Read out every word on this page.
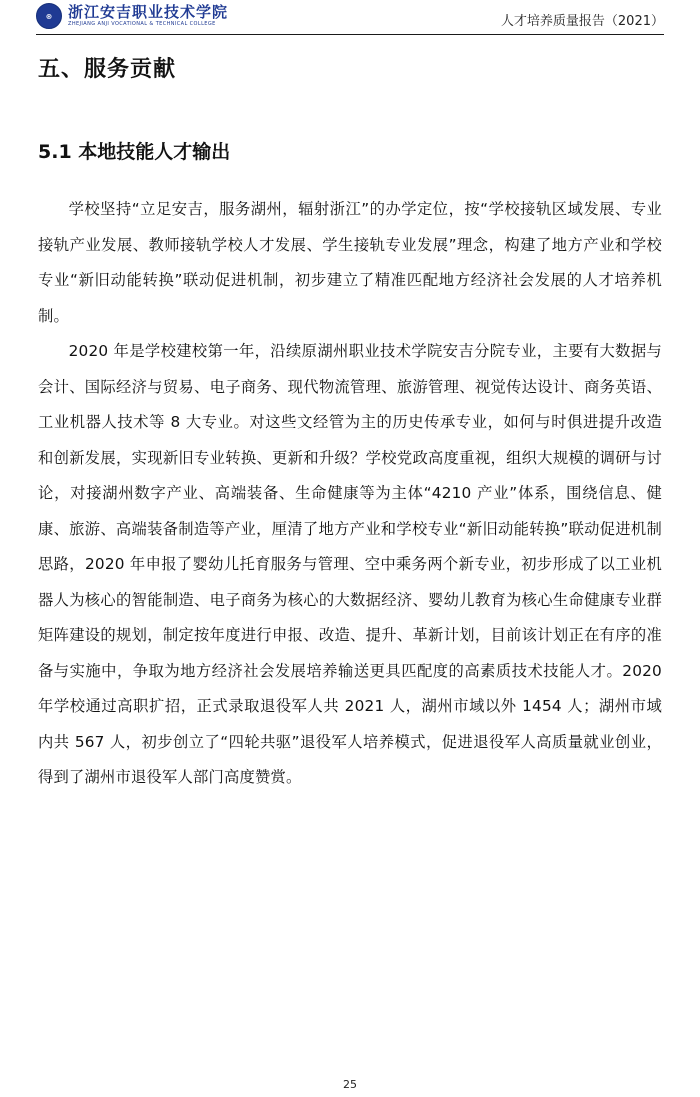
⊛	浙江安吉职业技术学院
ZHEJIANG ANJI VOCATIONAL & TECHNICAL COLLEGE	人才培养质量报告（2021）
五、服务贡献
5.1 本地技能人才输出

学校坚持“立足安吉，服务湖州，辐射浙江”的办学定位，按“学校接轨区域发展、专业接轨产业发展、教师接轨学校人才发展、学生接轨专业发展”理念，构建了地方产业和学校专业“新旧动能转换”联动促进机制，初步建立了精准匹配地方经济社会发展的人才培养机制。

2020 年是学校建校第一年，沿续原湖州职业技术学院安吉分院专业，主要有大数据与会计、国际经济与贸易、电子商务、现代物流管理、旅游管理、视觉传达设计、商务英语、工业机器人技术等 8 大专业。对这些文经管为主的历史传承专业，如何与时俱进提升改造和创新发展，实现新旧专业转换、更新和升级？学校党政高度重视，组织大规模的调研与讨论，对接湖州数字产业、高端装备、生命健康等为主体“4210 产业”体系，围绕信息、健康、旅游、高端装备制造等产业，厘清了地方产业和学校专业“新旧动能转换”联动促进机制思路，2020 年申报了婴幼儿托育服务与管理、空中乘务两个新专业，初步形成了以工业机器人为核心的智能制造、电子商务为核心的大数据经济、婴幼儿教育为核心生命健康专业群矩阵建设的规划，制定按年度进行申报、改造、提升、革新计划，目前该计划正在有序的准备与实施中，争取为地方经济社会发展培养输送更具匹配度的高素质技术技能人才。2020 年学校通过高职扩招，正式录取退役军人共 2021 人，湖州市域以外 1454 人；湖州市域内共 567 人，初步创立了“四轮共驱”退役军人培养模式，促进退役军人高质量就业创业，得到了湖州市退役军人部门高度赞赏。

25
